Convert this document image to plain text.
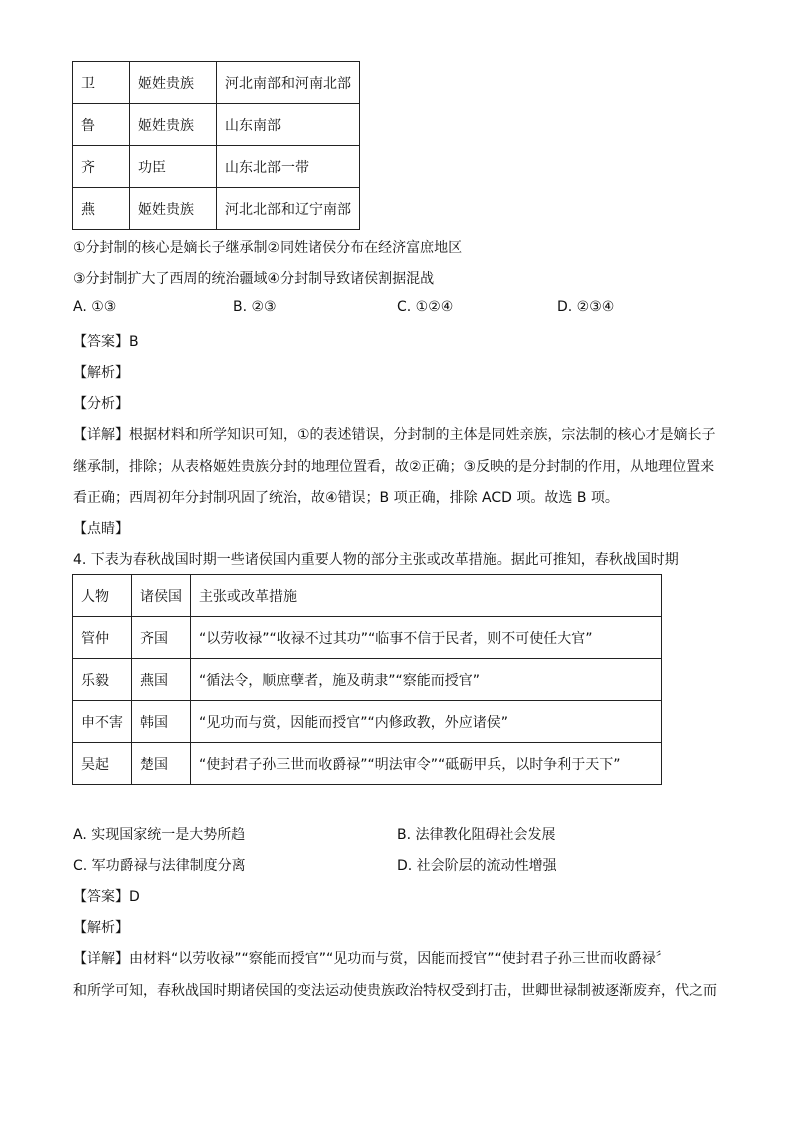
卫	姬姓贵族	河北南部和河南北部
鲁	姬姓贵族	山东南部
齐	功臣	山东北部一带
燕	姬姓贵族	河北北部和辽宁南部
①分封制的核心是嫡长子继承制②同姓诸侯分布在经济富庶地区
③分封制扩大了西周的统治疆域④分封制导致诸侯割据混战
A. ①③	B. ②③	C. ①②④	D. ②③④
【答案】B
【解析】
【分析】
【详解】根据材料和所学知识可知，①的表述错误，分封制的主体是同姓亲族，宗法制的核心才是嫡长子
继承制，排除；从表格姬姓贵族分封的地理位置看，故②正确；③反映的是分封制的作用，从地理位置来
看正确；西周初年分封制巩固了统治，故④错误；B 项正确，排除 ACD 项。故选 B 项。
【点睛】
4. 下表为春秋战国时期一些诸侯国内重要人物的部分主张或改革措施。据此可推知，春秋战国时期
人物	诸侯国	主张或改革措施
管仲	齐国	“以劳收禄”“收禄不过其功”“临事不信于民者，则不可使任大官”
乐毅	燕国	“循法令，顺庶孽者，施及萌隶”“察能而授官”
申不害	韩国	“见功而与赏，因能而授官”“内修政教，外应诸侯”
吴起	楚国	“使封君子孙三世而收爵禄”“明法审令”“砥砺甲兵，以时争利于天下”
A. 实现国家统一是大势所趋	B. 法律教化阻碍社会发展
C. 军功爵禄与法律制度分离	D. 社会阶层的流动性增强
【答案】D
【解析】
【详解】由材料“以劳收禄”“察能而授官”“见功而与赏，因能而授官”“使封君子孙三世而收爵禄〞
和所学可知，春秋战国时期诸侯国的变法运动使贵族政治特权受到打击，世卿世禄制被逐渐废弃，代之而
